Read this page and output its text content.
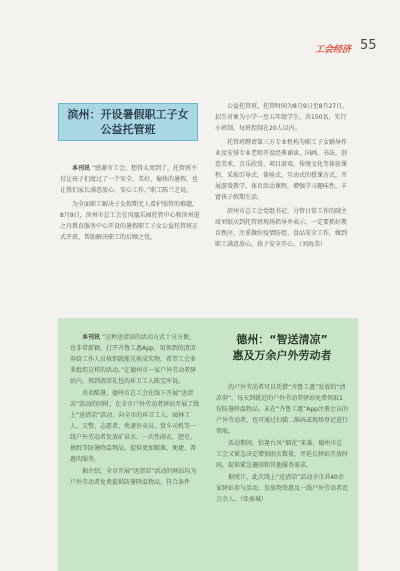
工会经济 55
滨州：开设暑假职工子女
公益托管班

本刊讯 “感谢市工会，想得太周到了，托管班不仅让孩子们度过了一个安全、美好、愉快的暑假，也让我们家长满意放心、安心工作。”职工陈兰芝说。

为全面职工解决子女假期无人看护照管的难题，8月9日，滨州市总工会在凤凰乐园托管中心和滨州进之舟教育服务中心开设的暑假职工子女公益托管班正式开班，帮助解决职工的后顾之忧。

公益托管班，托管时间为8月9日至8月27日，招生对象为小学一至五年级学生，共150名，实行小班制，每班控制在20人以内。

托管班聘请第三方专业机构为职工子女辅导作业及安排专业老师开设经典诵读、国画、书法、创意美术、音乐欣赏、项目游戏、传统文化等体验课程，采取引导式、体验式、互动式的授课方式，开展游戏教学、体育活动课程，增强学习趣味性，丰富孩子假期生活。

滨州市总工会党组书记、分管日常工作的副主席刘银庆到托管班现场指导并表示，一定要抓好教育秩序，注重做好疫情防控、食品安全工作，做到职工满意放心，孩子安全开心。（刘海美）

本刊讯 “这种送清凉的活动方式十分方便，也非常新颖，打开齐鲁工惠App，用领到的清凉券给工作人员核销就能兑换成奖物，希望工会多多组织这样的活动。”在德州市一家户外劳动者驿站内，领到清凉礼包的环卫工人陈宝库说。

炎炎酷暑，德州市总工会在线下开展“送清凉”活动的同时，在全市户外劳动者驿站开展了线上“送清凉”活动，向全市的环卫工人、园林工人、交警、志愿者、快递外卖员、货车司机等一线户外劳动者发放矿泉水、一次性雨衣、肥皂、抽纸等防暑降温物品，提供更加精准、便捷、普惠的服务。

据介绍，全市开展“送清凉”活动的驿站均为户外劳动者免费提供防暑降温物品，符合条件

德州：“智送清凉”
惠及万余户外劳动者

的户外劳动者可以凭借“齐鲁工惠”发放的“清凉券”，每天到就近的户外劳动者驿站免费领取1份防暑降温物品。未在“齐鲁工惠”App注册会员的户外劳动者，也可通过扫描二维码或现场登记进行领取。

活动期间，恰逢台风“烟花”来袭，德州市总工会又紧急决定增加雨衣数量，并延长驿站开放时间，提供紧急避雨和其他服务需求。

据统计，此次线上“送清凉”活动全市共40余家驿站参与活动，发放物资惠及一线户外劳动者近万余人。（张秦城）
